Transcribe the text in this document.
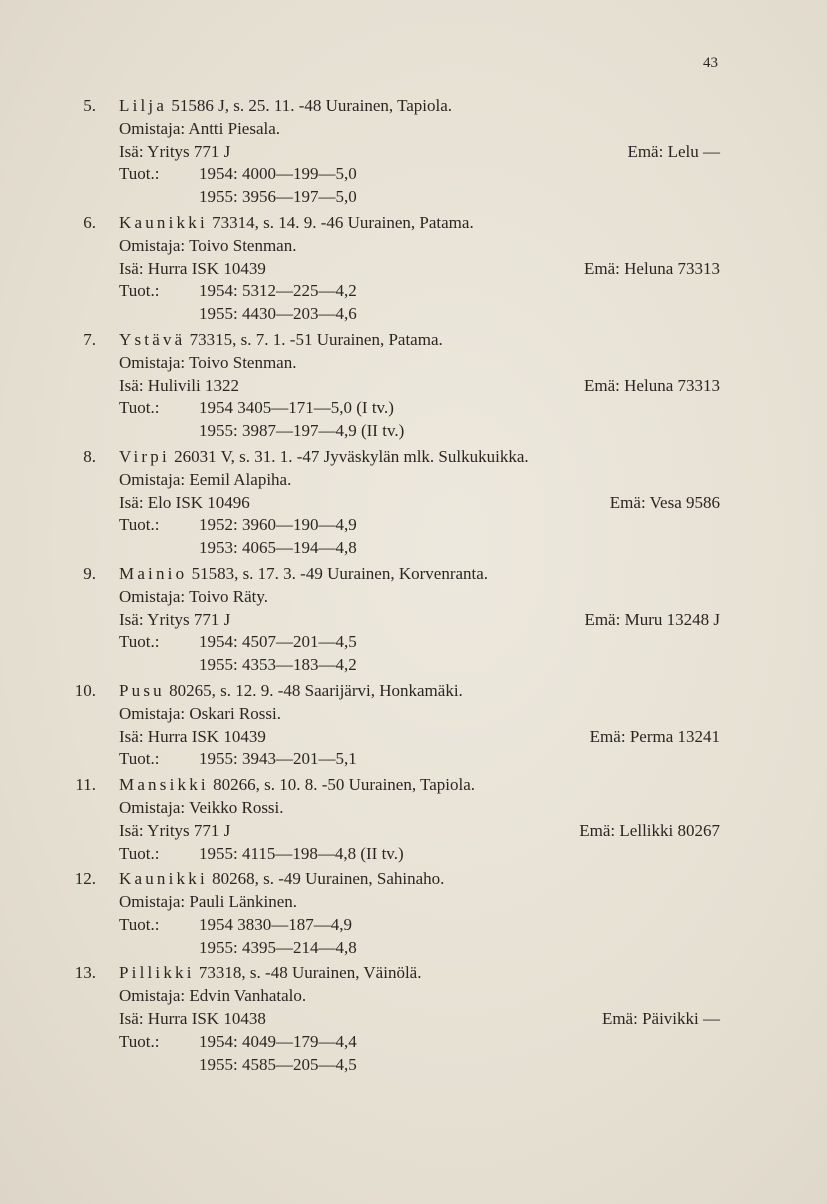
43
5. Lilja 51586 J, s. 25. 11. -48 Uurainen, Tapiola.
Omistaja: Antti Piesala.
Isä: Yritys 771 J	Emä: Lelu —
Tuot.: 1954: 4000—199—5,0
1955: 3956—197—5,0
6. Kaunikki 73314, s. 14. 9. -46 Uurainen, Patama.
Omistaja: Toivo Stenman.
Isä: Hurra ISK 10439	Emä: Heluna 73313
Tuot.: 1954: 5312—225—4,2
1955: 4430—203—4,6
7. Ystävä 73315, s. 7. 1. -51 Uurainen, Patama.
Omistaja: Toivo Stenman.
Isä: Hulivili 1322	Emä: Heluna 73313
Tuot.: 1954 3405—171—5,0 (I tv.)
1955: 3987—197—4,9 (II tv.)
8. Virpi 26031 V, s. 31. 1. -47 Jyväskylän mlk. Sulkukuikka.
Omistaja: Eemil Alapiha.
Isä: Elo ISK 10496	Emä: Vesa 9586
Tuot.: 1952: 3960—190—4,9
1953: 4065—194—4,8
9. Mainio 51583, s. 17. 3. -49 Uurainen, Korvenranta.
Omistaja: Toivo Räty.
Isä: Yritys 771 J	Emä: Muru 13248 J
Tuot.: 1954: 4507—201—4,5
1955: 4353—183—4,2
10. Pusu 80265, s. 12. 9. -48 Saarijärvi, Honkamäki.
Omistaja: Oskari Rossi.
Isä: Hurra ISK 10439	Emä: Perma 13241
Tuot.: 1955: 3943—201—5,1
11. Mansikki 80266, s. 10. 8. -50 Uurainen, Tapiola.
Omistaja: Veikko Rossi.
Isä: Yritys 771 J	Emä: Lellikki 80267
Tuot.: 1955: 4115—198—4,8 (II tv.)
12. Kaunikki 80268, s. -49 Uurainen, Sahinaho.
Omistaja: Pauli Länkinen.
Tuot.: 1954 3830—187—4,9
1955: 4395—214—4,8
13. Pillikki 73318, s. -48 Uurainen, Väinölä.
Omistaja: Edvin Vanhatalo.
Isä: Hurra ISK 10438	Emä: Päivikki —
Tuot.: 1954: 4049—179—4,4
1955: 4585—205—4,5
